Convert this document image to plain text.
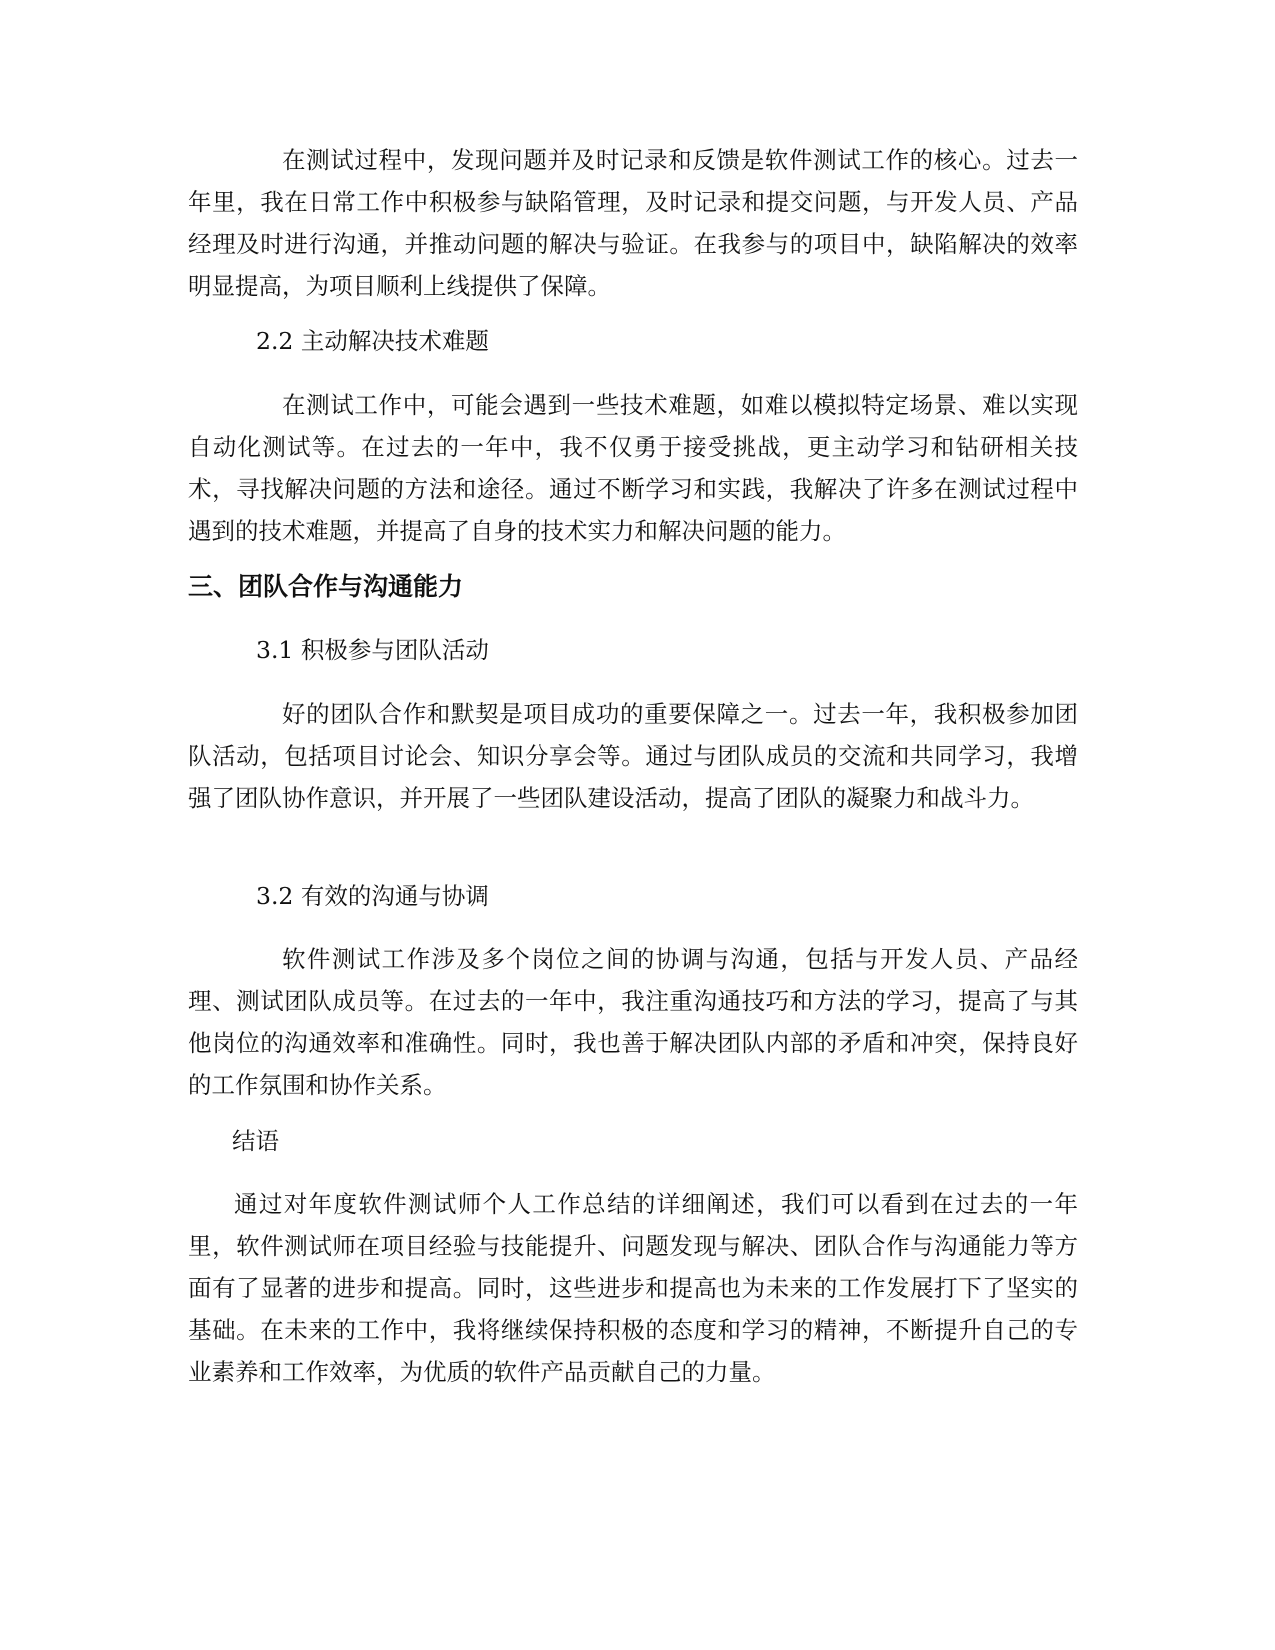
在测试过程中，发现问题并及时记录和反馈是软件测试工作的核心。过去一年里，我在日常工作中积极参与缺陷管理，及时记录和提交问题，与开发人员、产品经理及时进行沟通，并推动问题的解决与验证。在我参与的项目中，缺陷解决的效率明显提高，为项目顺利上线提供了保障。

2.2 主动解决技术难题

在测试工作中，可能会遇到一些技术难题，如难以模拟特定场景、难以实现自动化测试等。在过去的一年中，我不仅勇于接受挑战，更主动学习和钻研相关技术，寻找解决问题的方法和途径。通过不断学习和实践，我解决了许多在测试过程中遇到的技术难题，并提高了自身的技术实力和解决问题的能力。

三、团队合作与沟通能力

3.1 积极参与团队活动

好的团队合作和默契是项目成功的重要保障之一。过去一年，我积极参加团队活动，包括项目讨论会、知识分享会等。通过与团队成员的交流和共同学习，我增强了团队协作意识，并开展了一些团队建设活动，提高了团队的凝聚力和战斗力。

3.2 有效的沟通与协调

软件测试工作涉及多个岗位之间的协调与沟通，包括与开发人员、产品经理、测试团队成员等。在过去的一年中，我注重沟通技巧和方法的学习，提高了与其他岗位的沟通效率和准确性。同时，我也善于解决团队内部的矛盾和冲突，保持良好的工作氛围和协作关系。

结语

通过对年度软件测试师个人工作总结的详细阐述，我们可以看到在过去的一年里，软件测试师在项目经验与技能提升、问题发现与解决、团队合作与沟通能力等方面有了显著的进步和提高。同时，这些进步和提高也为未来的工作发展打下了坚实的基础。在未来的工作中，我将继续保持积极的态度和学习的精神，不断提升自己的专业素养和工作效率，为优质的软件产品贡献自己的力量。
